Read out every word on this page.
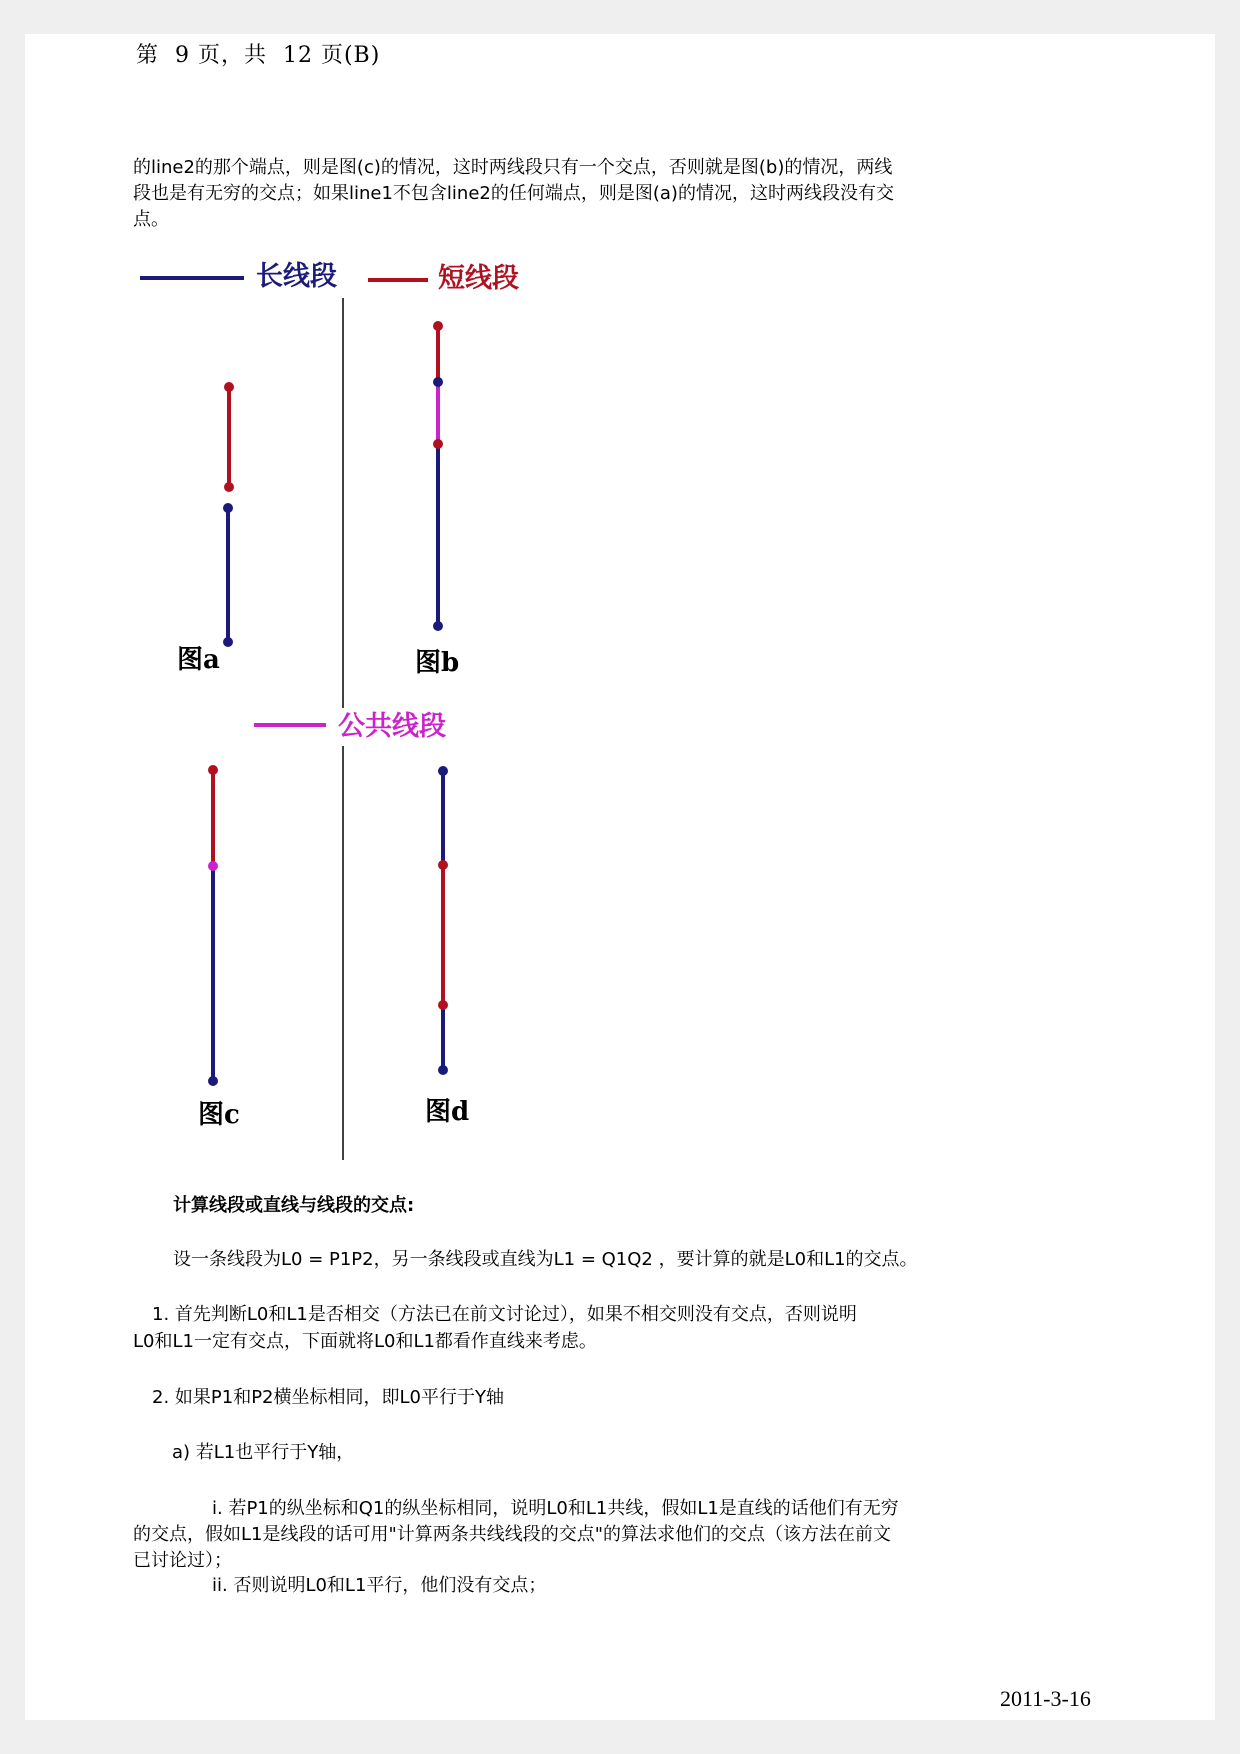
第  9 页，共  12 页(B)

的line2的那个端点，则是图(c)的情况，这时两线段只有一个交点，否则就是图(b)的情况，两线

段也是有无穷的交点；如果line1不包含line2的任何端点，则是图(a)的情况，这时两线段没有交

点。

长线段	短线段
公共线段
图a	图b
图c	图d

计算线段或直线与线段的交点:

设一条线段为L0 = P1P2，另一条线段或直线为L1 = Q1Q2 ，要计算的就是L0和L1的交点。

1. 首先判断L0和L1是否相交（方法已在前文讨论过），如果不相交则没有交点，否则说明

L0和L1一定有交点，下面就将L0和L1都看作直线来考虑。

2. 如果P1和P2横坐标相同，即L0平行于Y轴

a) 若L1也平行于Y轴，

i. 若P1的纵坐标和Q1的纵坐标相同，说明L0和L1共线，假如L1是直线的话他们有无穷

的交点，假如L1是线段的话可用"计算两条共线线段的交点"的算法求他们的交点（该方法在前文

已讨论过）；

ii. 否则说明L0和L1平行，他们没有交点；

2011-3-16
